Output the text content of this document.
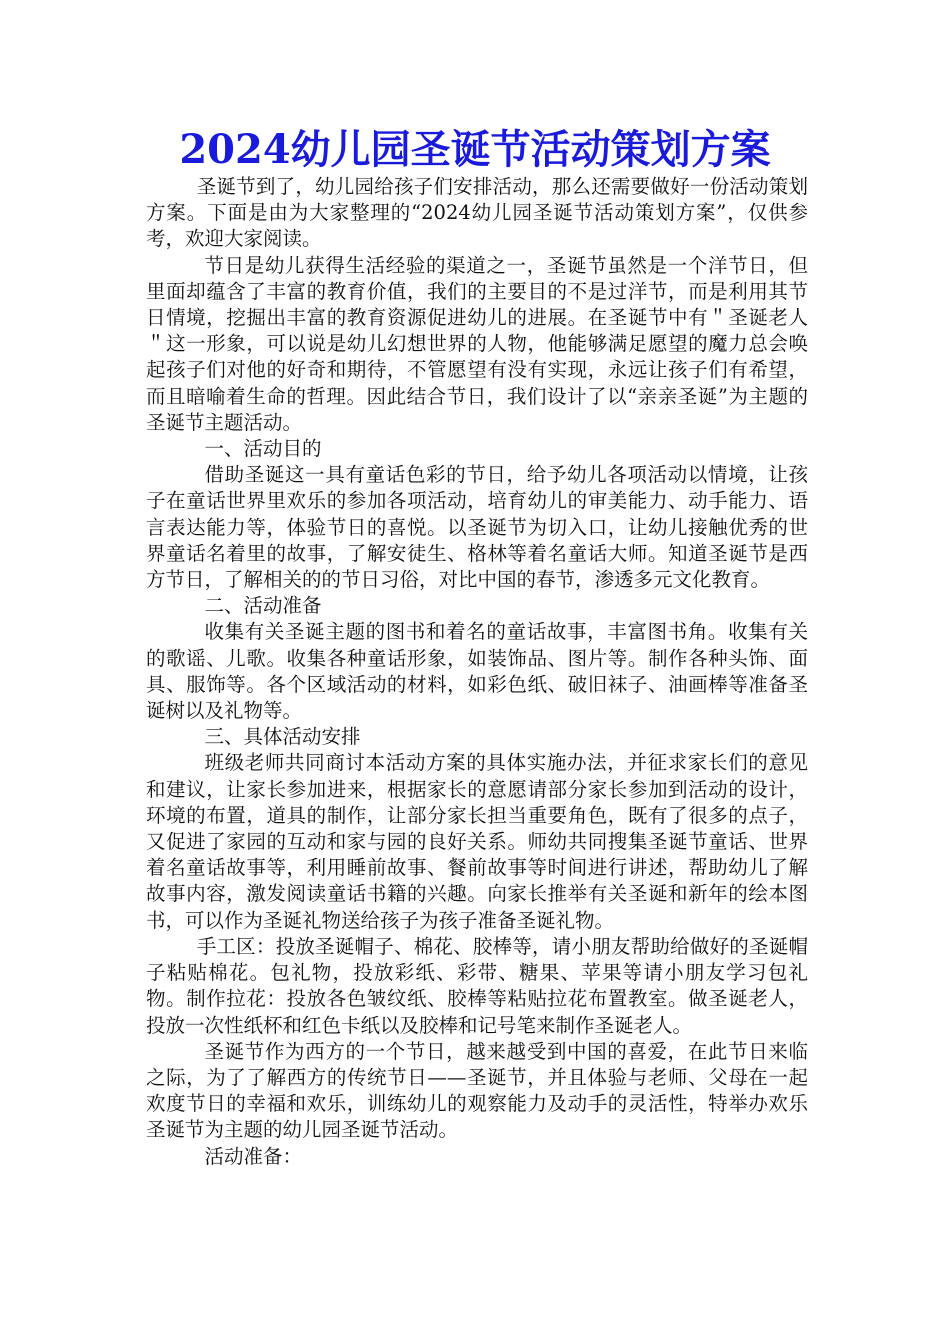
2024幼儿园圣诞节活动策划方案

圣诞节到了，幼儿园给孩子们安排活动，那么还需要做好一份活动策划方案。下面是由为大家整理的“2024幼儿园圣诞节活动策划方案”，仅供参考，欢迎大家阅读。

节日是幼儿获得生活经验的渠道之一，圣诞节虽然是一个洋节日，但里面却蕴含了丰富的教育价值，我们的主要目的不是过洋节，而是利用其节日情境，挖掘出丰富的教育资源促进幼儿的进展。在圣诞节中有＂圣诞老人＂这一形象，可以说是幼儿幻想世界的人物，他能够满足愿望的魔力总会唤起孩子们对他的好奇和期待，不管愿望有没有实现，永远让孩子们有希望，而且暗喻着生命的哲理。因此结合节日，我们设计了以“亲亲圣诞”为主题的圣诞节主题活动。

一、活动目的

借助圣诞这一具有童话色彩的节日，给予幼儿各项活动以情境，让孩子在童话世界里欢乐的参加各项活动，培育幼儿的审美能力、动手能力、语言表达能力等，体验节日的喜悦。以圣诞节为切入口，让幼儿接触优秀的世界童话名着里的故事，了解安徒生、格林等着名童话大师。知道圣诞节是西方节日，了解相关的的节日习俗，对比中国的春节，渗透多元文化教育。

二、活动准备

收集有关圣诞主题的图书和着名的童话故事，丰富图书角。收集有关的歌谣、儿歌。收集各种童话形象，如装饰品、图片等。制作各种头饰、面具、服饰等。各个区域活动的材料，如彩色纸、破旧袜子、油画棒等准备圣诞树以及礼物等。

三、具体活动安排

班级老师共同商讨本活动方案的具体实施办法，并征求家长们的意见和建议，让家长参加进来，根据家长的意愿请部分家长参加到活动的设计，环境的布置，道具的制作，让部分家长担当重要角色，既有了很多的点子，又促进了家园的互动和家与园的良好关系。师幼共同搜集圣诞节童话、世界着名童话故事等，利用睡前故事、餐前故事等时间进行讲述，帮助幼儿了解故事内容，激发阅读童话书籍的兴趣。向家长推举有关圣诞和新年的绘本图书，可以作为圣诞礼物送给孩子为孩子准备圣诞礼物。

手工区：投放圣诞帽子、棉花、胶棒等，请小朋友帮助给做好的圣诞帽子粘贴棉花。包礼物，投放彩纸、彩带、糖果、苹果等请小朋友学习包礼物。制作拉花：投放各色皱纹纸、胶棒等粘贴拉花布置教室。做圣诞老人，投放一次性纸杯和红色卡纸以及胶棒和记号笔来制作圣诞老人。

圣诞节作为西方的一个节日，越来越受到中国的喜爱，在此节日来临之际，为了了解西方的传统节日——圣诞节，并且体验与老师、父母在一起欢度节日的幸福和欢乐，训练幼儿的观察能力及动手的灵活性，特举办欢乐圣诞节为主题的幼儿园圣诞节活动。

活动准备：
